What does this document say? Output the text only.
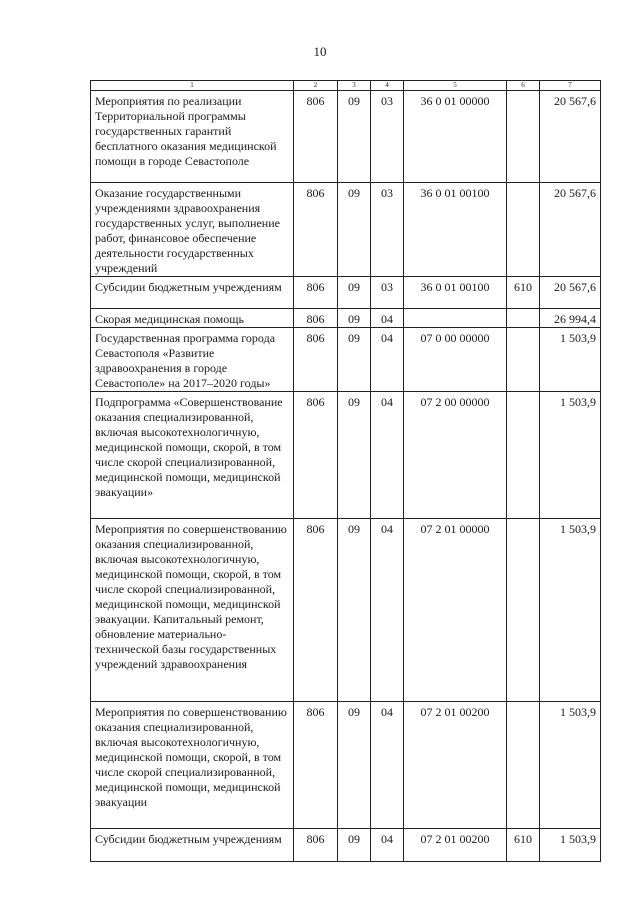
10
1	2	3	4	5	6	7
Мероприятия по реализации Территориальной программы государственных гарантий бесплатного оказания медицинской помощи в городе Севастополе	806	09	03	36 0 01 00000		20 567,6
Оказание государственными учреждениями здравоохранения государственных услуг, выполнение работ, финансовое обеспечение деятельности государственных учреждений	806	09	03	36 0 01 00100		20 567,6
Субсидии бюджетным учреждениям	806	09	03	36 0 01 00100	610	20 567,6
Скорая медицинская помощь	806	09	04			26 994,4
Государственная программа города Севастополя «Развитие здравоохранения в городе Севастополе» на 2017–2020 годы»	806	09	04	07 0 00 00000		1 503,9
Подпрограмма «Совершенствование оказания специализированной, включая высокотехнологичную, медицинской помощи, скорой, в том числе скорой специализированной, медицинской помощи, медицинской эвакуации»	806	09	04	07 2 00 00000		1 503,9
Мероприятия по совершенствованию оказания специализированной, включая высокотехнологичную, медицинской помощи, скорой, в том числе скорой специализированной, медицинской помощи, медицинской эвакуации. Капитальный ремонт, обновление материально-технической базы государственных учреждений здравоохранения	806	09	04	07 2 01 00000		1 503,9
Мероприятия по совершенствованию оказания специализированной, включая высокотехнологичную, медицинской помощи, скорой, в том числе скорой специализированной, медицинской помощи, медицинской эвакуации	806	09	04	07 2 01 00200		1 503,9
Субсидии бюджетным учреждениям	806	09	04	07 2 01 00200	610	1 503,9
